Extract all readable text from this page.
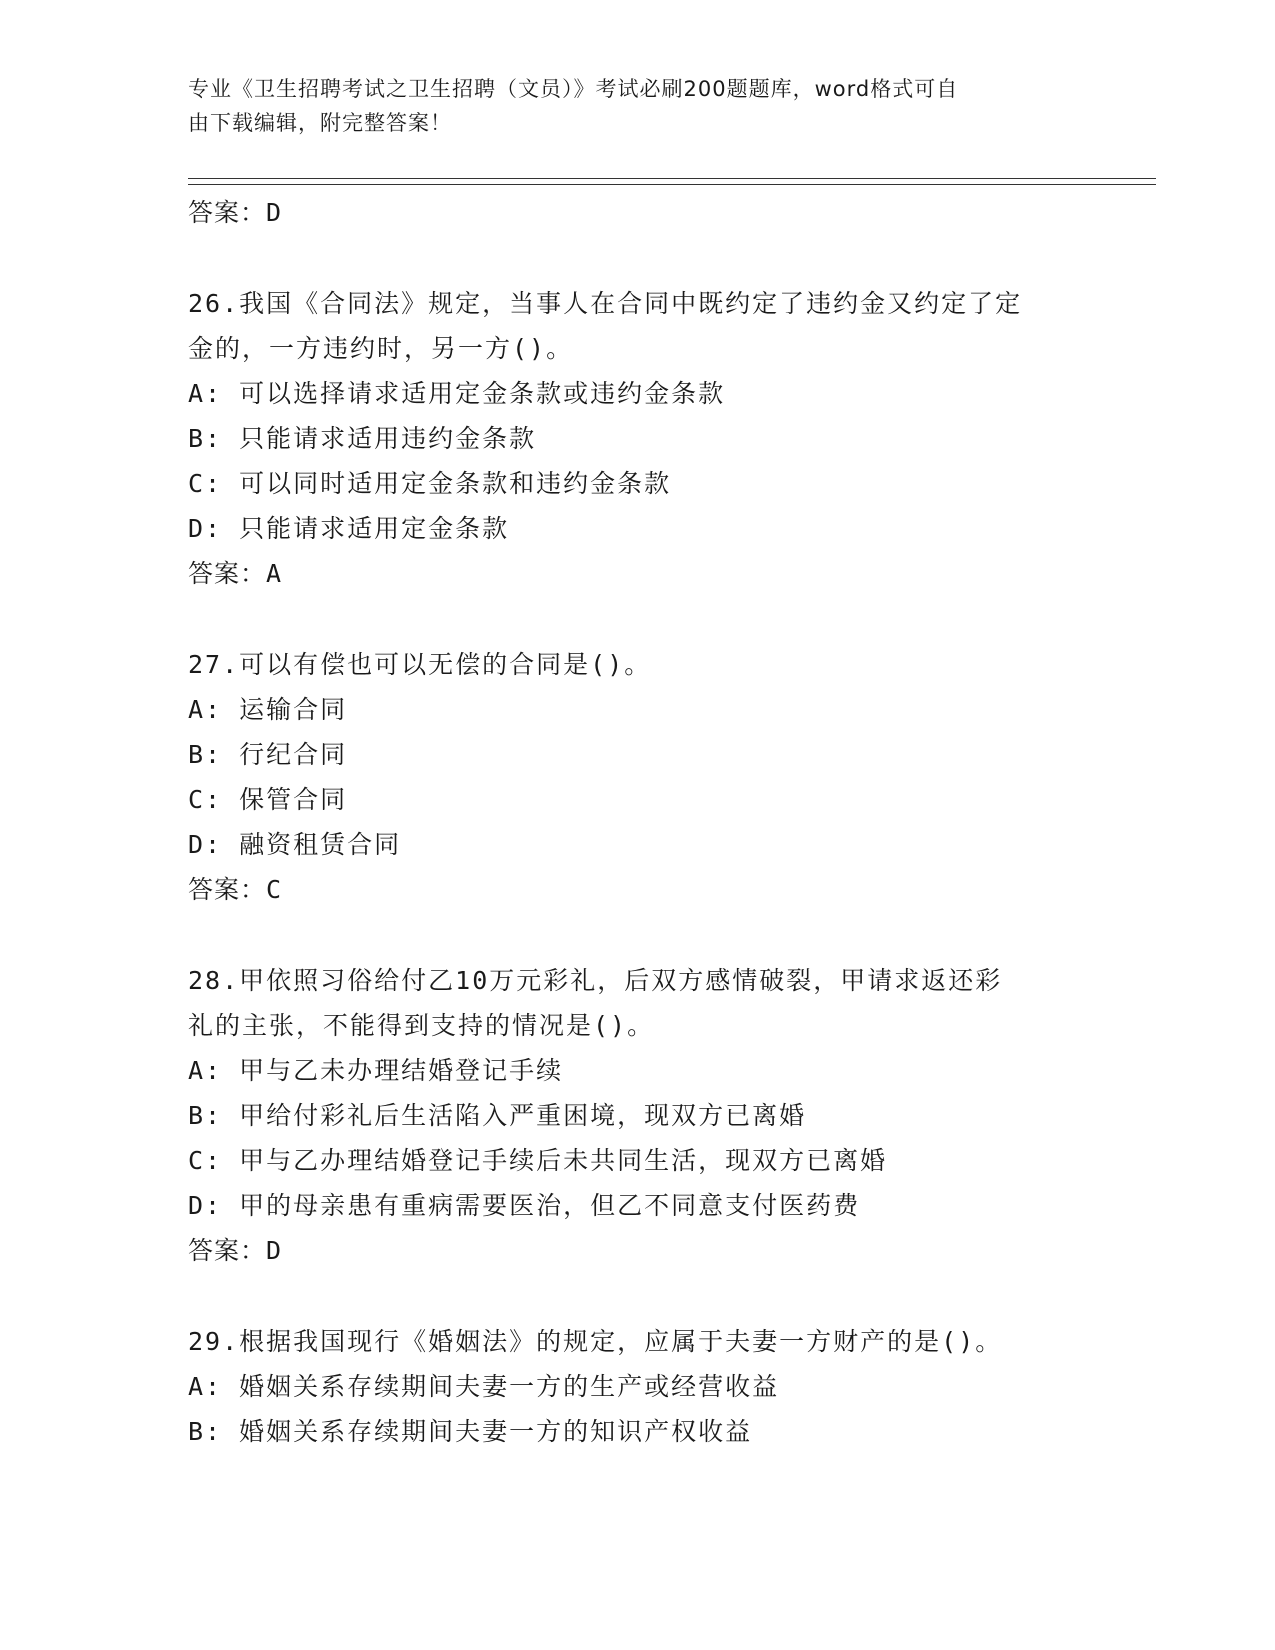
专业《卫生招聘考试之卫生招聘（文员）》考试必刷200题题库，word格式可自
由下载编辑，附完整答案！
答案：D
26.我国《合同法》规定，当事人在合同中既约定了违约金又约定了定
金的，一方违约时，另一方()。
A: 可以选择请求适用定金条款或违约金条款
B: 只能请求适用违约金条款
C: 可以同时适用定金条款和违约金条款
D: 只能请求适用定金条款
答案：A
27.可以有偿也可以无偿的合同是()。
A: 运输合同
B: 行纪合同
C: 保管合同
D: 融资租赁合同
答案：C
28.甲依照习俗给付乙10万元彩礼，后双方感情破裂，甲请求返还彩
礼的主张，不能得到支持的情况是()。
A: 甲与乙未办理结婚登记手续
B: 甲给付彩礼后生活陷入严重困境，现双方已离婚
C: 甲与乙办理结婚登记手续后未共同生活，现双方已离婚
D: 甲的母亲患有重病需要医治，但乙不同意支付医药费
答案：D
29.根据我国现行《婚姻法》的规定，应属于夫妻一方财产的是()。
A: 婚姻关系存续期间夫妻一方的生产或经营收益
B: 婚姻关系存续期间夫妻一方的知识产权收益
